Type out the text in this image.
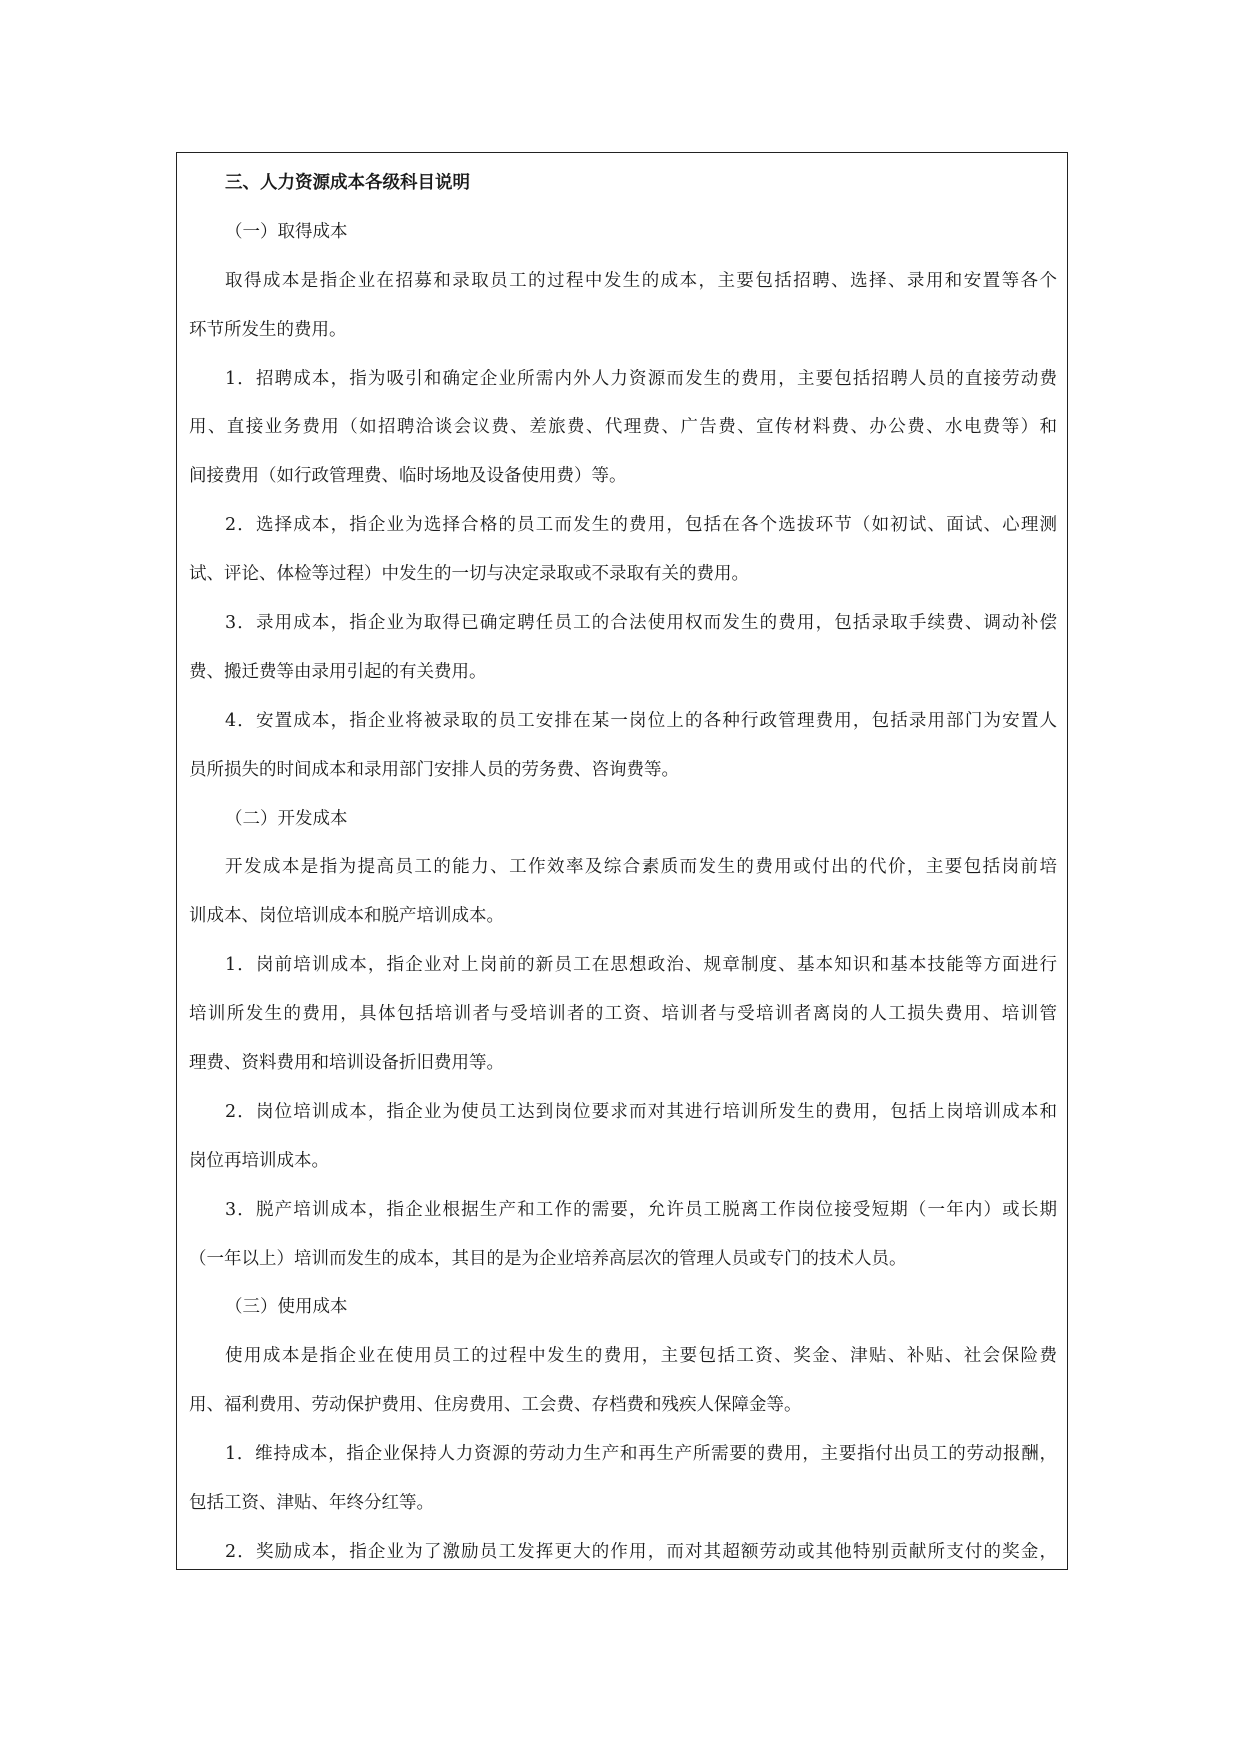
三、人力资源成本各级科目说明
（一）取得成本
取得成本是指企业在招募和录取员工的过程中发生的成本，主要包括招聘、选择、录用和安置等各个
环节所发生的费用。
1．招聘成本，指为吸引和确定企业所需内外人力资源而发生的费用，主要包括招聘人员的直接劳动费
用、直接业务费用（如招聘洽谈会议费、差旅费、代理费、广告费、宣传材料费、办公费、水电费等）和
间接费用（如行政管理费、临时场地及设备使用费）等。
2．选择成本，指企业为选择合格的员工而发生的费用，包括在各个选拔环节（如初试、面试、心理测
试、评论、体检等过程）中发生的一切与决定录取或不录取有关的费用。
3．录用成本，指企业为取得已确定聘任员工的合法使用权而发生的费用，包括录取手续费、调动补偿
费、搬迁费等由录用引起的有关费用。
4．安置成本，指企业将被录取的员工安排在某一岗位上的各种行政管理费用，包括录用部门为安置人
员所损失的时间成本和录用部门安排人员的劳务费、咨询费等。
（二）开发成本
开发成本是指为提高员工的能力、工作效率及综合素质而发生的费用或付出的代价，主要包括岗前培
训成本、岗位培训成本和脱产培训成本。
1．岗前培训成本，指企业对上岗前的新员工在思想政治、规章制度、基本知识和基本技能等方面进行
培训所发生的费用，具体包括培训者与受培训者的工资、培训者与受培训者离岗的人工损失费用、培训管
理费、资料费用和培训设备折旧费用等。
2．岗位培训成本，指企业为使员工达到岗位要求而对其进行培训所发生的费用，包括上岗培训成本和
岗位再培训成本。
3．脱产培训成本，指企业根据生产和工作的需要，允许员工脱离工作岗位接受短期（一年内）或长期
（一年以上）培训而发生的成本，其目的是为企业培养高层次的管理人员或专门的技术人员。
（三）使用成本
使用成本是指企业在使用员工的过程中发生的费用，主要包括工资、奖金、津贴、补贴、社会保险费
用、福利费用、劳动保护费用、住房费用、工会费、存档费和残疾人保障金等。
1．维持成本，指企业保持人力资源的劳动力生产和再生产所需要的费用，主要指付出员工的劳动报酬，
包括工资、津贴、年终分红等。
2．奖励成本，指企业为了激励员工发挥更大的作用，而对其超额劳动或其他特别贡献所支付的奖金，
